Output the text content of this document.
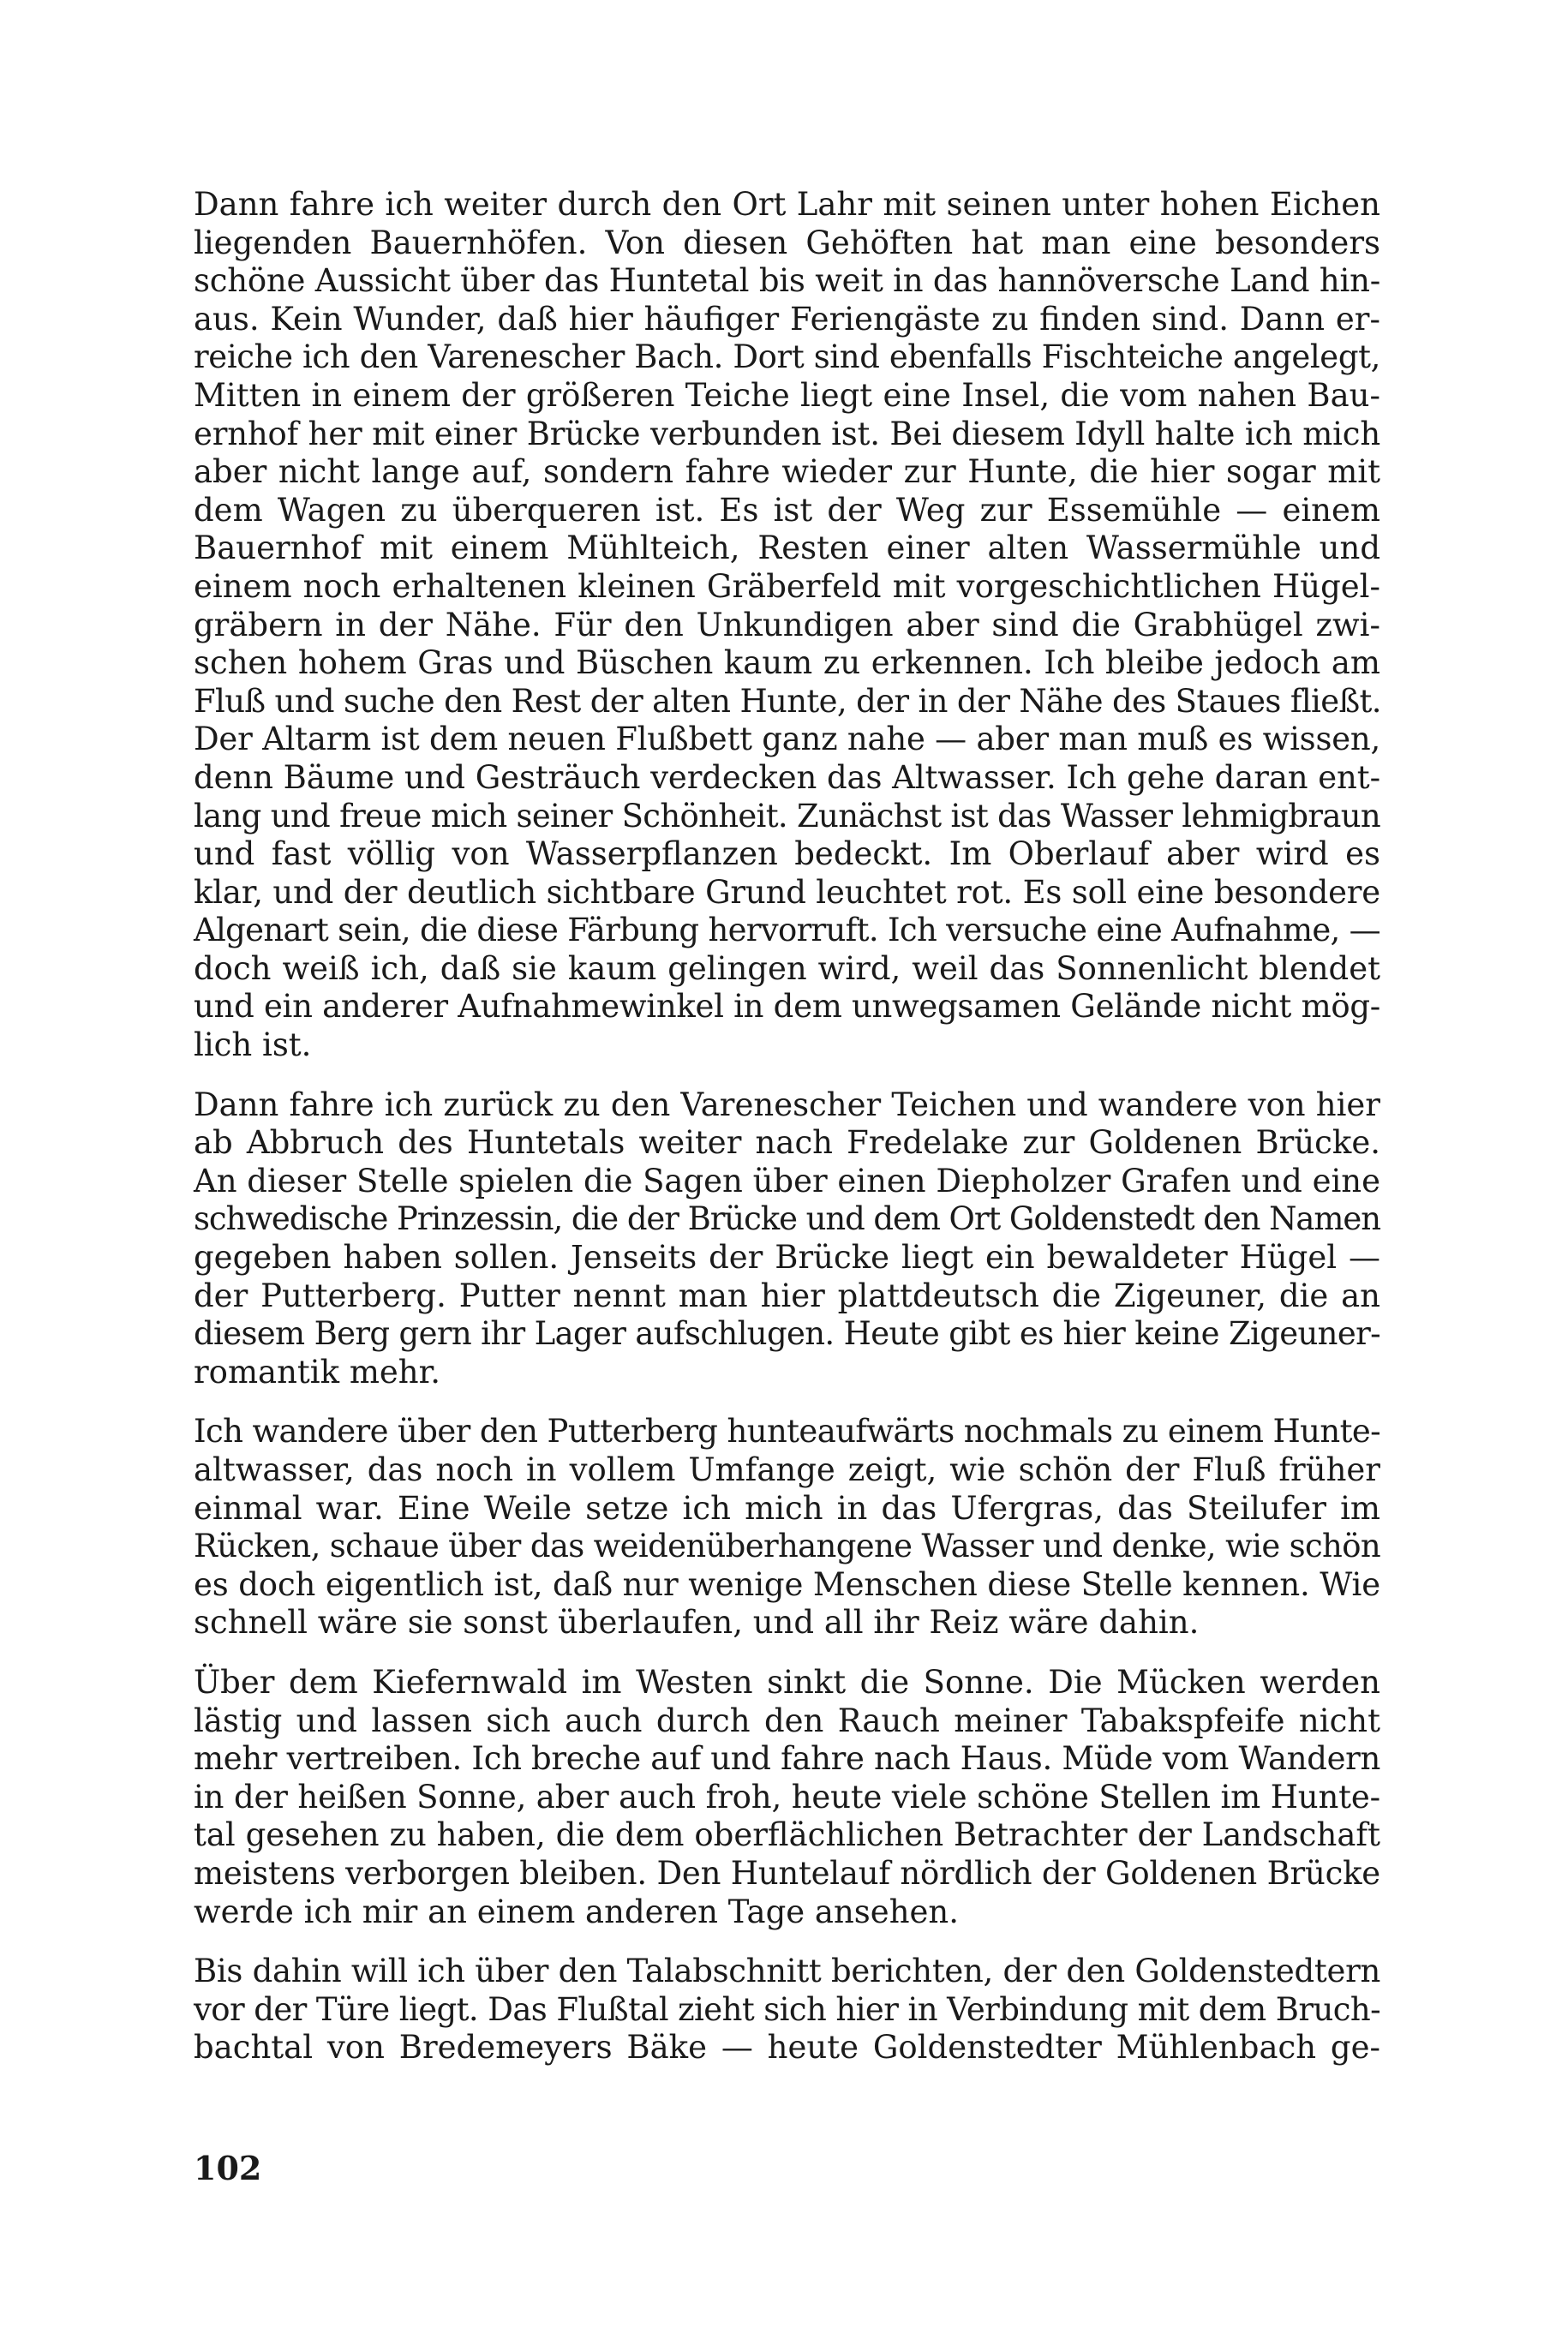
Dann fahre ich weiter durch den Ort Lahr mit seinen unter hohen Eichen
liegenden Bauernhöfen. Von diesen Gehöften hat man eine besonders
schöne Aussicht über das Huntetal bis weit in das hannöversche Land hin-
aus. Kein Wunder, daß hier häufiger Feriengäste zu finden sind. Dann er-
reiche ich den Varenescher Bach. Dort sind ebenfalls Fischteiche angelegt,
Mitten in einem der größeren Teiche liegt eine Insel, die vom nahen Bau-
ernhof her mit einer Brücke verbunden ist. Bei diesem Idyll halte ich mich
aber nicht lange auf, sondern fahre wieder zur Hunte, die hier sogar mit
dem Wagen zu überqueren ist. Es ist der Weg zur Essemühle — einem
Bauernhof mit einem Mühlteich, Resten einer alten Wassermühle und
einem noch erhaltenen kleinen Gräberfeld mit vorgeschichtlichen Hügel-
gräbern in der Nähe. Für den Unkundigen aber sind die Grabhügel zwi-
schen hohem Gras und Büschen kaum zu erkennen. Ich bleibe jedoch am
Fluß und suche den Rest der alten Hunte, der in der Nähe des Staues fließt.
Der Altarm ist dem neuen Flußbett ganz nahe — aber man muß es wissen,
denn Bäume und Gesträuch verdecken das Altwasser. Ich gehe daran ent-
lang und freue mich seiner Schönheit. Zunächst ist das Wasser lehmigbraun
und fast völlig von Wasserpflanzen bedeckt. Im Oberlauf aber wird es
klar, und der deutlich sichtbare Grund leuchtet rot. Es soll eine besondere
Algenart sein, die diese Färbung hervorruft. Ich versuche eine Aufnahme, —
doch weiß ich, daß sie kaum gelingen wird, weil das Sonnenlicht blendet
und ein anderer Aufnahmewinkel in dem unwegsamen Gelände nicht mög-
lich ist.
Dann fahre ich zurück zu den Varenescher Teichen und wandere von hier
ab Abbruch des Huntetals weiter nach Fredelake zur Goldenen Brücke.
An dieser Stelle spielen die Sagen über einen Diepholzer Grafen und eine
schwedische Prinzessin, die der Brücke und dem Ort Goldenstedt den Namen
gegeben haben sollen. Jenseits der Brücke liegt ein bewaldeter Hügel —
der Putterberg. Putter nennt man hier plattdeutsch die Zigeuner, die an
diesem Berg gern ihr Lager aufschlugen. Heute gibt es hier keine Zigeuner-
romantik mehr.
Ich wandere über den Putterberg hunteaufwärts nochmals zu einem Hunte-
altwasser, das noch in vollem Umfange zeigt, wie schön der Fluß früher
einmal war. Eine Weile setze ich mich in das Ufergras, das Steilufer im
Rücken, schaue über das weidenüberhangene Wasser und denke, wie schön
es doch eigentlich ist, daß nur wenige Menschen diese Stelle kennen. Wie
schnell wäre sie sonst überlaufen, und all ihr Reiz wäre dahin.
Über dem Kiefernwald im Westen sinkt die Sonne. Die Mücken werden
lästig und lassen sich auch durch den Rauch meiner Tabakspfeife nicht
mehr vertreiben. Ich breche auf und fahre nach Haus. Müde vom Wandern
in der heißen Sonne, aber auch froh, heute viele schöne Stellen im Hunte-
tal gesehen zu haben, die dem oberflächlichen Betrachter der Landschaft
meistens verborgen bleiben. Den Huntelauf nördlich der Goldenen Brücke
werde ich mir an einem anderen Tage ansehen.
Bis dahin will ich über den Talabschnitt berichten, der den Goldenstedtern
vor der Türe liegt. Das Flußtal zieht sich hier in Verbindung mit dem Bruch-
bachtal von Bredemeyers Bäke — heute Goldenstedter Mühlenbach ge-
102
